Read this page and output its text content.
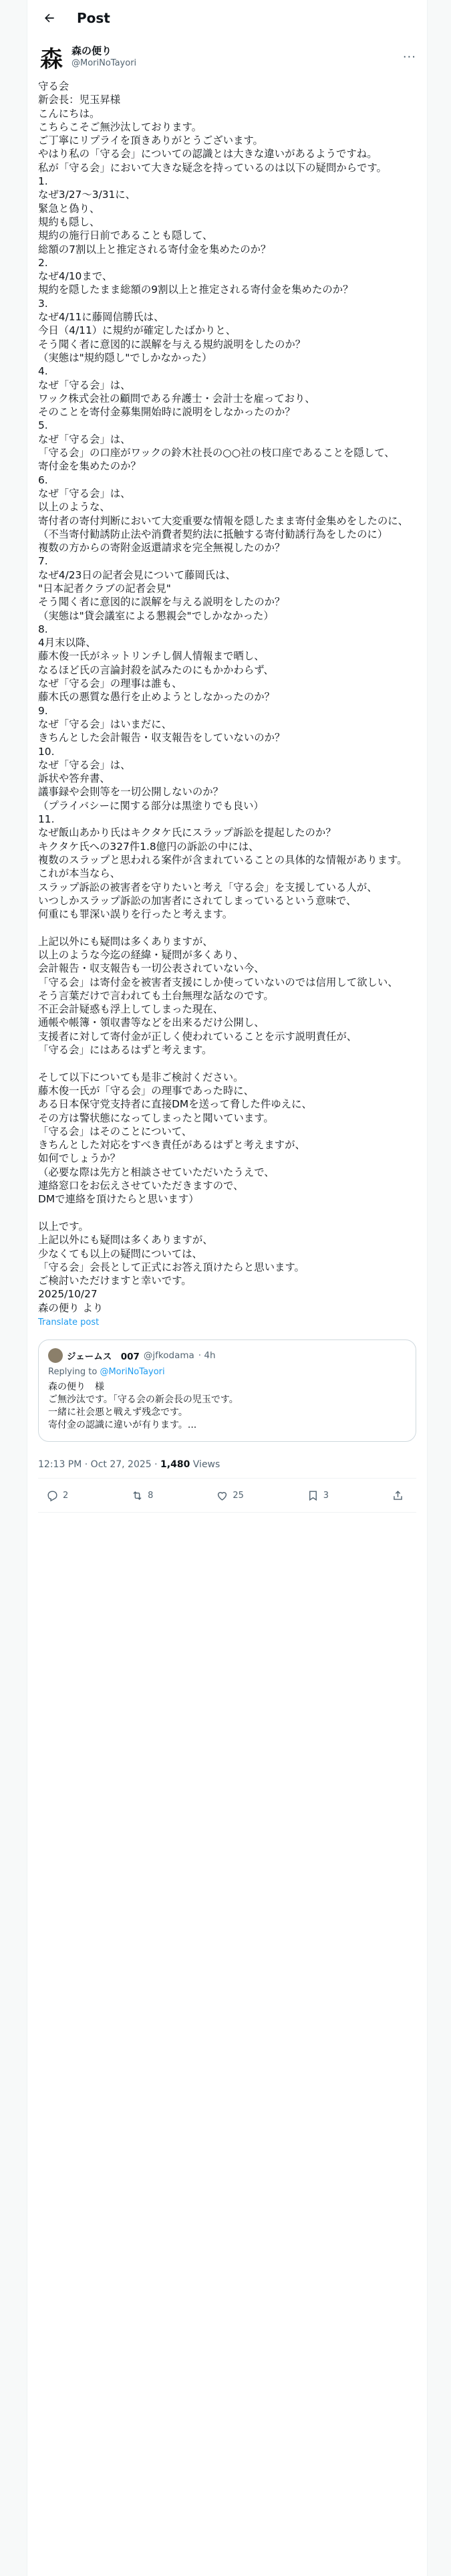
Post
森 森の便り
@MoriNoTayori	···
守る会
新会長：児玉昇様
こんにちは。
こちらこそご無沙汰しております。
ご丁寧にリプライを頂きありがとうございます。
やはり私の「守る会」についての認識とは大きな違いがあるようですね。
私が「守る会」において大きな疑念を持っているのは以下の疑問からです。
1.
なぜ3/27〜3/31に、
緊急と偽り、
規約も隠し、
規約の施行日前であることも隠して、
総額の7割以上と推定される寄付金を集めたのか？
2.
なぜ4/10まで、
規約を隠したまま総額の9割以上と推定される寄付金を集めたのか？
3.
なぜ4/11に藤岡信勝氏は、
今日（4/11）に規約が確定したばかりと、
そう聞く者に意図的に誤解を与える規約説明をしたのか？
（実態は"規約隠し"でしかなかった）
4.
なぜ「守る会」は、
ワック株式会社の顧問である弁護士・会計士を雇っており、
そのことを寄付金募集開始時に説明をしなかったのか？
5.
なぜ「守る会」は、
「守る会」の口座がワックの鈴木社長の○○社の枝口座であることを隠して、
寄付金を集めたのか？
6.
なぜ「守る会」は、
以上のような、
寄付者の寄付判断において大変重要な情報を隠したまま寄付金集めをしたのに、
（不当寄付勧誘防止法や消費者契約法に抵触する寄付勧誘行為をしたのに）
複数の方からの寄附金返還請求を完全無視したのか？
7.
なぜ4/23日の記者会見について藤岡氏は、
"日本記者クラブの記者会見"
そう聞く者に意図的に誤解を与える説明をしたのか？
（実態は"貸会議室による懇親会"でしかなかった）
8.
4月末以降、
藤木俊一氏がネットリンチし個人情報まで晒し、
なるほど氏の言論封殺を試みたのにもかかわらず、
なぜ「守る会」の理事は誰も、
藤木氏の悪質な愚行を止めようとしなかったのか？
9.
なぜ「守る会」はいまだに、
きちんとした会計報告・収支報告をしていないのか？
10.
なぜ「守る会」は、
訴状や答弁書、
議事録や会則等を一切公開しないのか？
（プライバシーに関する部分は黒塗りでも良い）
11.
なぜ飯山あかり氏はキクタケ氏にスラップ訴訟を提起したのか？
キクタケ氏への327件1.8億円の訴訟の中には、
複数のスラップと思われる案件が含まれていることの具体的な情報があります。
これが本当なら、
スラップ訴訟の被害者を守りたいと考え「守る会」を支援している人が、
いつしかスラップ訴訟の加害者にされてしまっているという意味で、
何重にも罪深い誤りを行ったと考えます。

上記以外にも疑問は多くありますが、
以上のような今迄の経緯・疑問が多くあり、
会計報告・収支報告も一切公表されていない今、
「守る会」は寄付金を被害者支援にしか使っていないのでは信用して欲しい、
そう言葉だけで言われても土台無理な話なのです。
不正会計疑惑も浮上してしまった現在、
通帳や帳簿・領収書等などを出来るだけ公開し、
支援者に対して寄付金が正しく使われていることを示す説明責任が、
「守る会」にはあるはずと考えます。

そして以下についても是非ご検討ください。
藤木俊一氏が「守る会」の理事であった時に、
ある日本保守党支持者に直接DMを送って脅した件ゆえに、
その方は警状態になってしまったと聞いています。
「守る会」はそのことについて、
きちんとした対応をすべき責任があるはずと考えますが、
如何でしょうか？
（必要な際は先方と相談させていただいたうえで、
連絡窓口をお伝えさせていただきますので、
DMで連絡を頂けたらと思います）

以上です。
上記以外にも疑問は多くありますが、
少なくても以上の疑問については、
「守る会」会長として正式にお答え頂けたらと思います。
ご検討いただけますと幸いです。
2025/10/27
森の便り より
Translate post
ジェームス　007 @jfkodama · 4h
Replying to @MoriNoTayori
森の便り　様
ご無沙汰です。「守る会の新会長の児玉です。
一緒に社会悪と戦えず残念です。
寄付金の認識に違いが有ります。...
12:13 PM · Oct 27, 2025 · 1,480 Views
2	8	25	3
